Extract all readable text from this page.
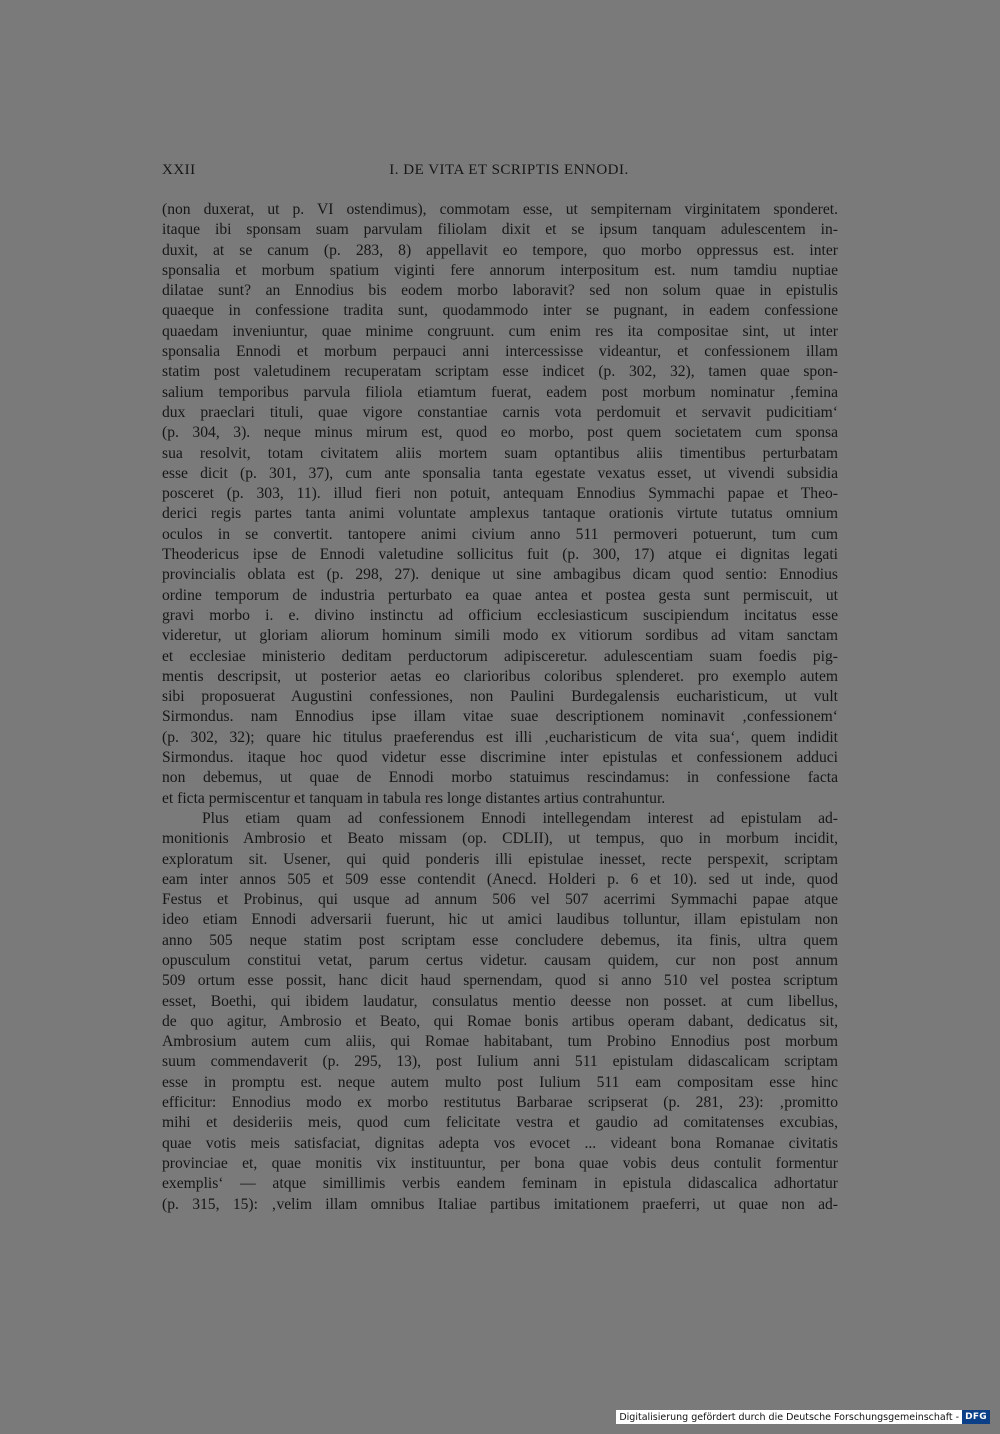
XXII	I. DE VITA ET SCRIPTIS ENNODI.
(non duxerat, ut p. VI ostendimus), commotam esse, ut sempiternam virginitatem sponderet.
itaque ibi sponsam suam parvulam filiolam dixit et se ipsum tanquam adulescentem in-
duxit, at se canum (p. 283, 8) appellavit eo tempore, quo morbo oppressus est. inter
sponsalia et morbum spatium viginti fere annorum interpositum est. num tamdiu nuptiae
dilatae sunt? an Ennodius bis eodem morbo laboravit? sed non solum quae in epistulis
quaeque in confessione tradita sunt, quodammodo inter se pugnant, in eadem confessione
quaedam inveniuntur, quae minime congruunt. cum enim res ita compositae sint, ut inter
sponsalia Ennodi et morbum perpauci anni intercessisse videantur, et confessionem illam
statim post valetudinem recuperatam scriptam esse indicet (p. 302, 32), tamen quae spon-
salium temporibus parvula filiola etiamtum fuerat, eadem post morbum nominatur ‚femina
dux praeclari tituli, quae vigore constantiae carnis vota perdomuit et servavit pudicitiam‘
(p. 304, 3). neque minus mirum est, quod eo morbo, post quem societatem cum sponsa
sua resolvit, totam civitatem aliis mortem suam optantibus aliis timentibus perturbatam
esse dicit (p. 301, 37), cum ante sponsalia tanta egestate vexatus esset, ut vivendi subsidia
posceret (p. 303, 11). illud fieri non potuit, antequam Ennodius Symmachi papae et Theo-
derici regis partes tanta animi voluntate amplexus tantaque orationis virtute tutatus omnium
oculos in se convertit. tantopere animi civium anno 511 permoveri potuerunt, tum cum
Theodericus ipse de Ennodi valetudine sollicitus fuit (p. 300, 17) atque ei dignitas legati
provincialis oblata est (p. 298, 27). denique ut sine ambagibus dicam quod sentio: Ennodius
ordine temporum de industria perturbato ea quae antea et postea gesta sunt permiscuit, ut
gravi morbo i. e. divino instinctu ad officium ecclesiasticum suscipiendum incitatus esse
videretur, ut gloriam aliorum hominum simili modo ex vitiorum sordibus ad vitam sanctam
et ecclesiae ministerio deditam perductorum adipisceretur. adulescentiam suam foedis pig-
mentis descripsit, ut posterior aetas eo clarioribus coloribus splenderet. pro exemplo autem
sibi proposuerat Augustini confessiones, non Paulini Burdegalensis eucharisticum, ut vult
Sirmondus. nam Ennodius ipse illam vitae suae descriptionem nominavit ‚confessionem‘
(p. 302, 32); quare hic titulus praeferendus est illi ‚eucharisticum de vita sua‘, quem indidit
Sirmondus. itaque hoc quod videtur esse discrimine inter epistulas et confessionem adduci
non debemus, ut quae de Ennodi morbo statuimus rescindamus: in confessione facta
et ficta permiscentur et tanquam in tabula res longe distantes artius contrahuntur.
Plus etiam quam ad confessionem Ennodi intellegendam interest ad epistulam ad-
monitionis Ambrosio et Beato missam (op. CDLII), ut tempus, quo in morbum incidit,
exploratum sit. Usener, qui quid ponderis illi epistulae inesset, recte perspexit, scriptam
eam inter annos 505 et 509 esse contendit (Anecd. Holderi p. 6 et 10). sed ut inde, quod
Festus et Probinus, qui usque ad annum 506 vel 507 acerrimi Symmachi papae atque
ideo etiam Ennodi adversarii fuerunt, hic ut amici laudibus tolluntur, illam epistulam non
anno 505 neque statim post scriptam esse concludere debemus, ita finis, ultra quem
opusculum constitui vetat, parum certus videtur. causam quidem, cur non post annum
509 ortum esse possit, hanc dicit haud spernendam, quod si anno 510 vel postea scriptum
esset, Boethi, qui ibidem laudatur, consulatus mentio deesse non posset. at cum libellus,
de quo agitur, Ambrosio et Beato, qui Romae bonis artibus operam dabant, dedicatus sit,
Ambrosium autem cum aliis, qui Romae habitabant, tum Probino Ennodius post morbum
suum commendaverit (p. 295, 13), post Iulium anni 511 epistulam didascalicam scriptam
esse in promptu est. neque autem multo post Iulium 511 eam compositam esse hinc
efficitur: Ennodius modo ex morbo restitutus Barbarae scripserat (p. 281, 23): ‚promitto
mihi et desideriis meis, quod cum felicitate vestra et gaudio ad comitatenses excubias,
quae votis meis satisfaciat, dignitas adepta vos evocet ... videant bona Romanae civitatis
provinciae et, quae monitis vix instituuntur, per bona quae vobis deus contulit formentur
exemplis‘ — atque simillimis verbis eandem feminam in epistula didascalica adhortatur
(p. 315, 15): ‚velim illam omnibus Italiae partibus imitationem praeferri, ut quae non ad-
Digitalisierung gefördert durch die Deutsche Forschungsgemeinschaft - DFG
